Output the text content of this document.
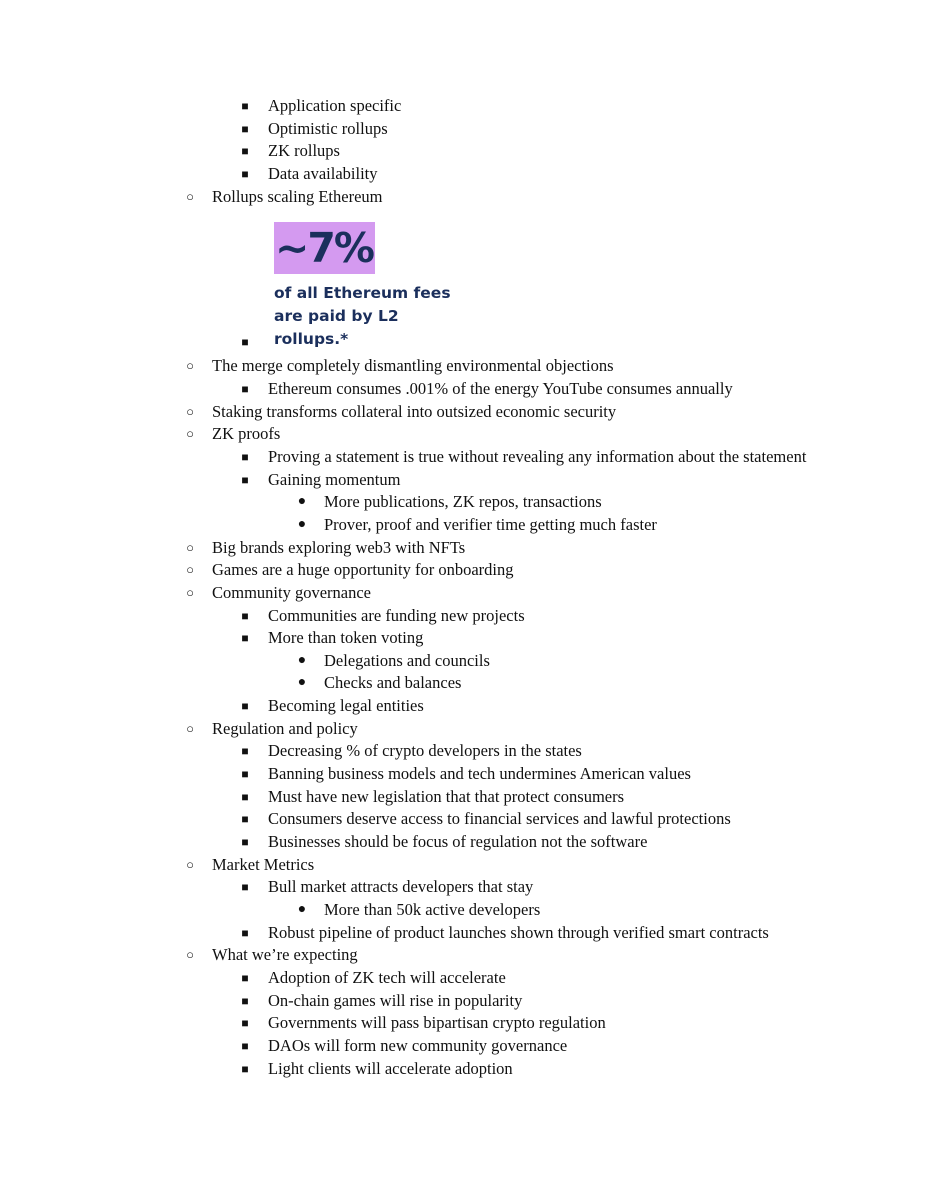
■ Application specific
■ Optimistic rollups
■ ZK rollups
■ Data availability
○ Rollups scaling Ethereum
~7%
of all Ethereum fees
are paid by L2
rollups.*
■
○ The merge completely dismantling environmental objections
■ Ethereum consumes .001% of the energy YouTube consumes annually
○ Staking transforms collateral into outsized economic security
○ ZK proofs
■ Proving a statement is true without revealing any information about the statement
■ Gaining momentum
● More publications, ZK repos, transactions
● Prover, proof and verifier time getting much faster
○ Big brands exploring web3 with NFTs
○ Games are a huge opportunity for onboarding
○ Community governance
■ Communities are funding new projects
■ More than token voting
● Delegations and councils
● Checks and balances
■ Becoming legal entities
○ Regulation and policy
■ Decreasing % of crypto developers in the states
■ Banning business models and tech undermines American values
■ Must have new legislation that that protect consumers
■ Consumers deserve access to financial services and lawful protections
■ Businesses should be focus of regulation not the software
○ Market Metrics
■ Bull market attracts developers that stay
● More than 50k active developers
■ Robust pipeline of product launches shown through verified smart contracts
○ What we’re expecting
■ Adoption of ZK tech will accelerate
■ On-chain games will rise in popularity
■ Governments will pass bipartisan crypto regulation
■ DAOs will form new community governance
■ Light clients will accelerate adoption
